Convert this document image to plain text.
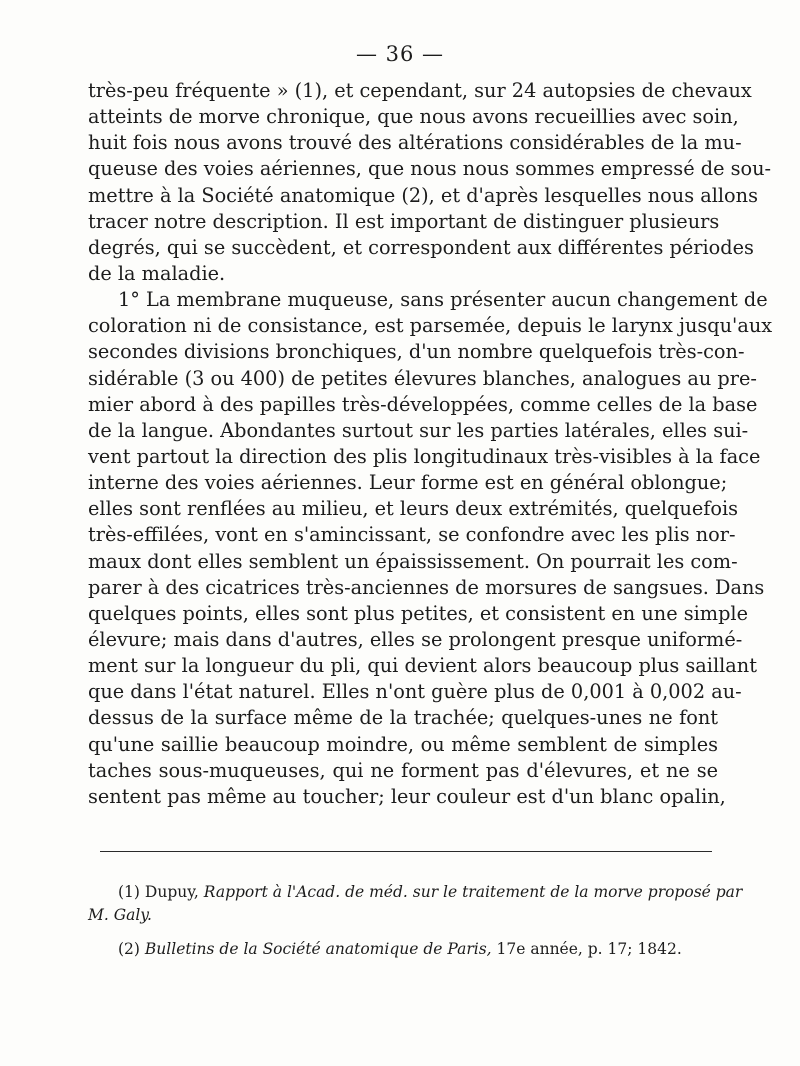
— 36 —
très-peu fréquente » (1), et cependant, sur 24 autopsies de chevaux
atteints de morve chronique, que nous avons recueillies avec soin,
huit fois nous avons trouvé des altérations considérables de la mu-
queuse des voies aériennes, que nous nous sommes empressé de sou-
mettre à la Société anatomique (2), et d'après lesquelles nous allons
tracer notre description. Il est important de distinguer plusieurs
degrés, qui se succèdent, et correspondent aux différentes périodes
de la maladie.
1° La membrane muqueuse, sans présenter aucun changement de
coloration ni de consistance, est parsemée, depuis le larynx jusqu'aux
secondes divisions bronchiques, d'un nombre quelquefois très-con-
sidérable (3 ou 400) de petites élevures blanches, analogues au pre-
mier abord à des papilles très-développées, comme celles de la base
de la langue. Abondantes surtout sur les parties latérales, elles sui-
vent partout la direction des plis longitudinaux très-visibles à la face
interne des voies aériennes. Leur forme est en général oblongue;
elles sont renflées au milieu, et leurs deux extrémités, quelquefois
très-effilées, vont en s'amincissant, se confondre avec les plis nor-
maux dont elles semblent un épaississement. On pourrait les com-
parer à des cicatrices très-anciennes de morsures de sangsues. Dans
quelques points, elles sont plus petites, et consistent en une simple
élevure; mais dans d'autres, elles se prolongent presque uniformé-
ment sur la longueur du pli, qui devient alors beaucoup plus saillant
que dans l'état naturel. Elles n'ont guère plus de 0,001 à 0,002 au-
dessus de la surface même de la trachée; quelques-unes ne font
qu'une saillie beaucoup moindre, ou même semblent de simples
taches sous-muqueuses, qui ne forment pas d'élevures, et ne se
sentent pas même au toucher; leur couleur est d'un blanc opalin,
(1) Dupuy, Rapport à l'Acad. de méd. sur le traitement de la morve proposé par
M. Galy.
(2) Bulletins de la Société anatomique de Paris, 17e année, p. 17; 1842.
